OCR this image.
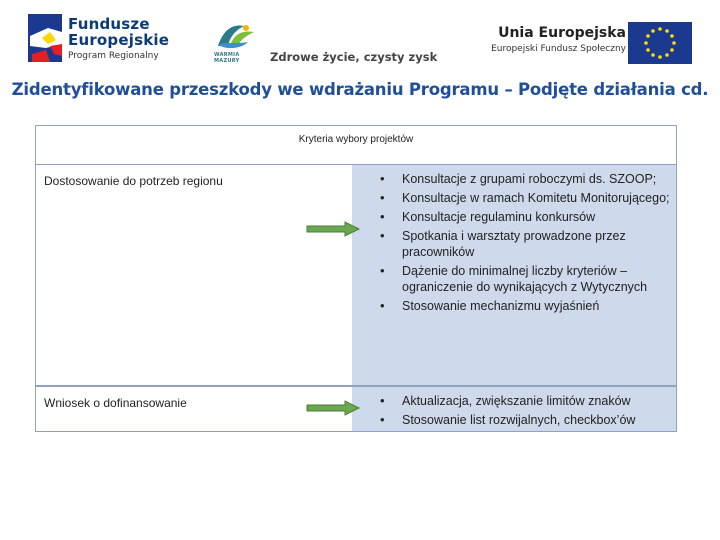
Fundusze
Europejskie
Program Regionalny	WARMIA
MAZURY	Zdrowe życie, czysty zysk
Unia Europejska
Europejski Fundusz Społeczny
Zidentyfikowane przeszkody we wdrażaniu Programu – Podjęte działania cd.
Kryteria wybory projektów
Dostosowanie do potrzeb regionu	• Konsultacje z grupami roboczymi ds. SZOOP;
• Konsultacje w ramach Komitetu Monitorującego;
• Konsultacje regulaminu konkursów
• Spotkania i warsztaty prowadzone przez pracowników
• Dążenie do minimalnej liczby kryteriów – ograniczenie do wynikających z Wytycznych
• Stosowanie mechanizmu wyjaśnień
Wniosek o dofinansowanie	• Aktualizacja, zwiększanie limitów znaków
• Stosowanie list rozwijalnych, checkbox’ów
